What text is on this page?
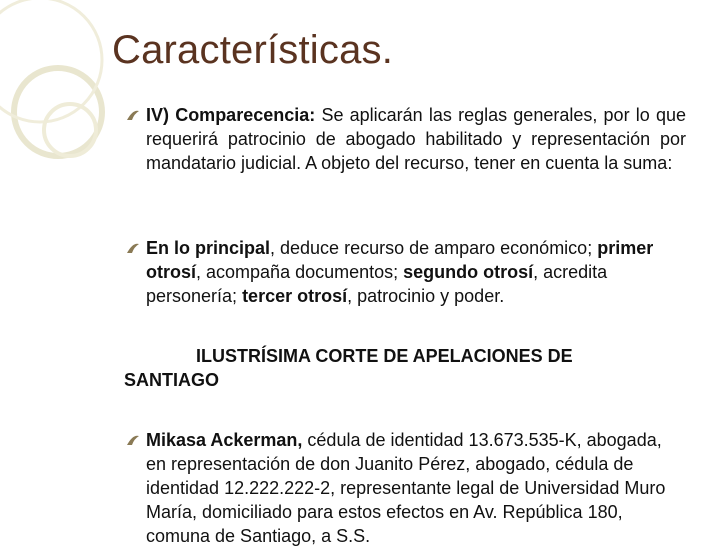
Características.
IV) Comparecencia: Se aplicarán las reglas generales, por lo que requerirá patrocinio de abogado habilitado y representación por mandatario judicial. A objeto del recurso, tener en cuenta la suma:
En lo principal, deduce recurso de amparo económico; primer otrosí, acompaña documentos; segundo otrosí, acredita personería; tercer otrosí, patrocinio y poder.
ILUSTRÍSIMA CORTE DE APELACIONES DE
SANTIAGO
Mikasa Ackerman, cédula de identidad 13.673.535-K, abogada, en representación de don Juanito Pérez, abogado, cédula de identidad 12.222.222-2, representante legal de Universidad Muro María, domiciliado para estos efectos en Av. República 180, comuna de Santiago, a S.S.
